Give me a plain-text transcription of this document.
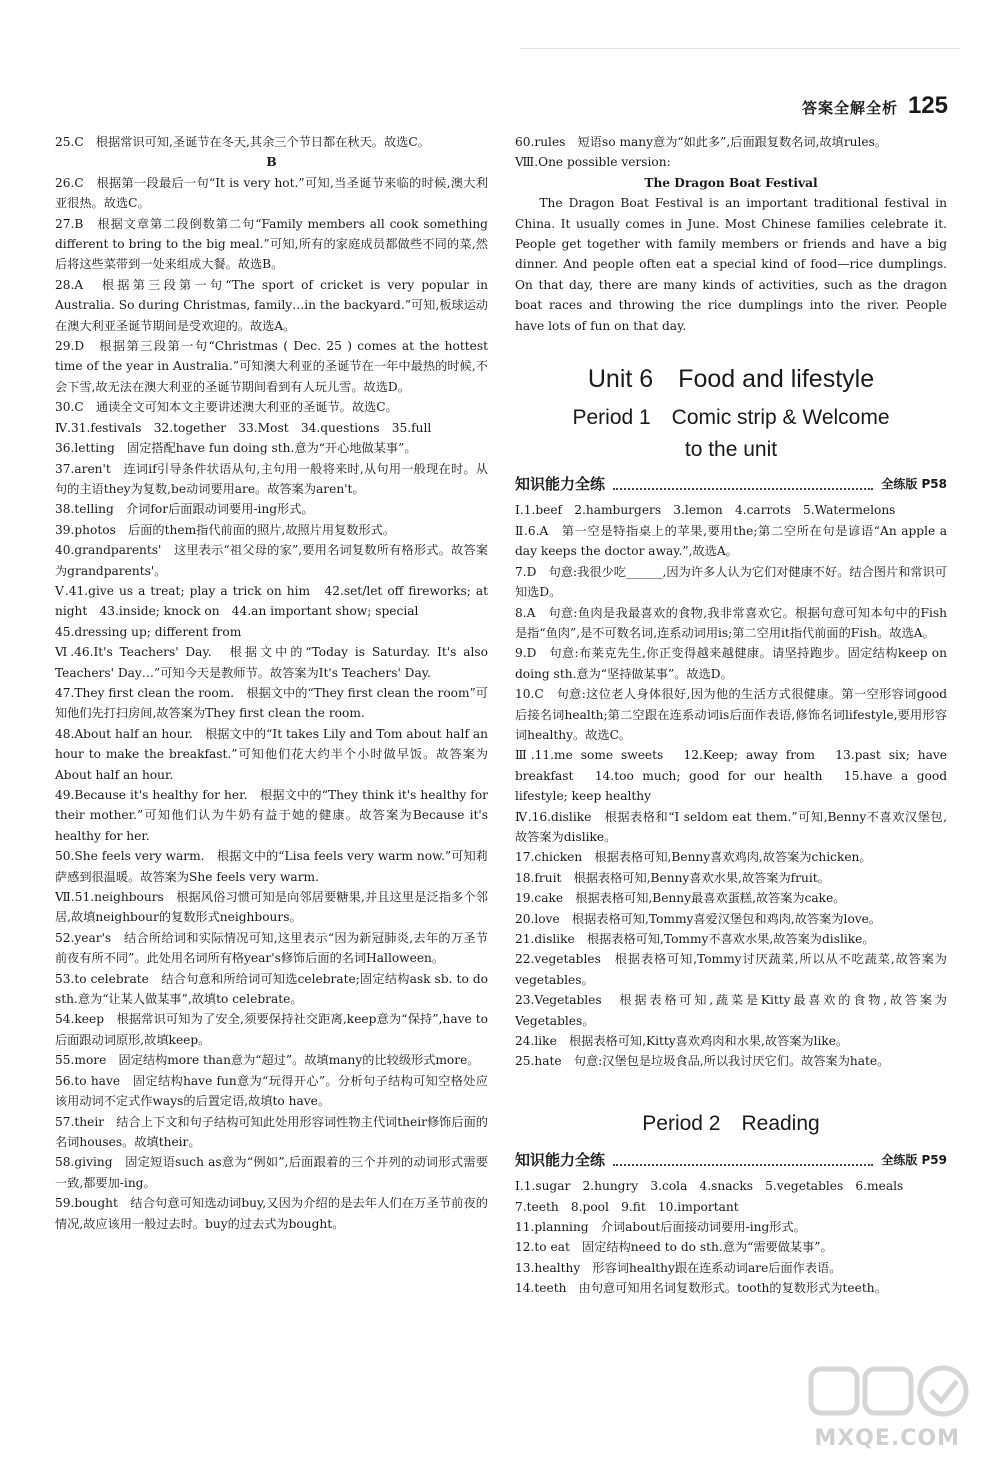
答案全解全析 125
25.C　根据常识可知,圣诞节在冬天,其余三个节日都在秋天。故选C。
B
26.C　根据第一段最后一句“It is very hot.”可知,当圣诞节来临的时候,澳大利亚很热。故选C。
27.B　根据文章第二段倒数第二句“Family members all cook something different to bring to the big meal.”可知,所有的家庭成员都做些不同的菜,然后将这些菜带到一处来组成大餐。故选B。
28.A　根据第三段第一句“The sport of cricket is very popular in Australia. So during Christmas, family…in the backyard.”可知,板球运动在澳大利亚圣诞节期间是受欢迎的。故选A。
29.D　根据第三段第一句“Christmas ( Dec. 25 ) comes at the hottest time of the year in Australia.”可知澳大利亚的圣诞节在一年中最热的时候,不会下雪,故无法在澳大利亚的圣诞节期间看到有人玩儿雪。故选D。
30.C　通读全文可知本文主要讲述澳大利亚的圣诞节。故选C。
Ⅳ.31.festivals　32.together　33.Most　34.questions　35.full
36.letting　固定搭配have fun doing sth.意为“开心地做某事”。
37.aren't　连词if引导条件状语从句,主句用一般将来时,从句用一般现在时。从句的主语they为复数,be动词要用are。故答案为aren't。
38.telling　介词for后面跟动词要用-ing形式。
39.photos　后面的them指代前面的照片,故照片用复数形式。
40.grandparents'　这里表示“祖父母的家”,要用名词复数所有格形式。故答案为grandparents'。
Ⅴ.41.give us a treat; play a trick on him　42.set/let off fireworks; at night　43.inside; knock on　44.an important show; special
45.dressing up; different from
Ⅵ.46.It's Teachers' Day.　根据文中的“Today is Saturday. It's also Teachers' Day…”可知今天是教师节。故答案为It's Teachers' Day.
47.They first clean the room.　根据文中的“They first clean the room”可知他们先打扫房间,故答案为They first clean the room.
48.About half an hour.　根据文中的“It takes Lily and Tom about half an hour to make the breakfast.”可知他们花大约半个小时做早饭。故答案为About half an hour.
49.Because it's healthy for her.　根据文中的“They think it's healthy for their mother.”可知他们认为牛奶有益于她的健康。故答案为Because it's healthy for her.
50.She feels very warm.　根据文中的“Lisa feels very warm now.”可知莉萨感到很温暖。故答案为She feels very warm.
Ⅶ.51.neighbours　根据风俗习惯可知是向邻居要糖果,并且这里是泛指多个邻居,故填neighbour的复数形式neighbours。
52.year's　结合所给词和实际情况可知,这里表示“因为新冠肺炎,去年的万圣节前夜有所不同”。此处用名词所有格year's修饰后面的名词Halloween。
53.to celebrate　结合句意和所给词可知选celebrate;固定结构ask sb. to do sth.意为“让某人做某事”,故填to celebrate。
54.keep　根据常识可知为了安全,须要保持社交距离,keep意为“保持”,have to后面跟动词原形,故填keep。
55.more　固定结构more than意为“超过”。故填many的比较级形式more。
56.to have　固定结构have fun意为“玩得开心”。分析句子结构可知空格处应该用动词不定式作ways的后置定语,故填to have。
57.their　结合上下文和句子结构可知此处用形容词性物主代词their修饰后面的名词houses。故填their。
58.giving　固定短语such as意为“例如”,后面跟着的三个并列的动词形式需要一致,都要加-ing。
59.bought　结合句意可知选动词buy,又因为介绍的是去年人们在万圣节前夜的情况,故应该用一般过去时。buy的过去式为bought。
60.rules　短语so many意为“如此多”,后面跟复数名词,故填rules。
Ⅷ.One possible version:
The Dragon Boat Festival
The Dragon Boat Festival is an important traditional festival in China. It usually comes in June. Most Chinese families celebrate it. People get together with family members or friends and have a big dinner. And people often eat a special kind of food—rice dumplings. On that day, there are many kinds of activities, such as the dragon boat races and throwing the rice dumplings into the river. People have lots of fun on that day.
Unit 6　Food and lifestyle
Period 1　Comic strip & Welcome
to the unit
知识能力全练	全练版 P58
Ⅰ.1.beef　2.hamburgers　3.lemon　4.carrots　5.Watermelons
Ⅱ.6.A　第一空是特指桌上的苹果,要用the;第二空所在句是谚语“An apple a day keeps the doctor away.”,故选A。
7.D　句意:我很少吃______,因为许多人认为它们对健康不好。结合图片和常识可知选D。
8.A　句意:鱼肉是我最喜欢的食物,我非常喜欢它。根据句意可知本句中的Fish是指“鱼肉”,是不可数名词,连系动词用is;第二空用it指代前面的Fish。故选A。
9.D　句意:布莱克先生,你正变得越来越健康。请坚持跑步。固定结构keep on doing sth.意为“坚持做某事”。故选D。
10.C　句意:这位老人身体很好,因为他的生活方式很健康。第一空形容词good后接名词health;第二空跟在连系动词is后面作表语,修饰名词lifestyle,要用形容词healthy。故选C。
Ⅲ.11.me some sweets　12.Keep; away from　13.past six; have breakfast　14.too much; good for our health　15.have a good lifestyle; keep healthy
Ⅳ.16.dislike　根据表格和“I seldom eat them.”可知,Benny不喜欢汉堡包,故答案为dislike。
17.chicken　根据表格可知,Benny喜欢鸡肉,故答案为chicken。
18.fruit　根据表格可知,Benny喜欢水果,故答案为fruit。
19.cake　根据表格可知,Benny最喜欢蛋糕,故答案为cake。
20.love　根据表格可知,Tommy喜爱汉堡包和鸡肉,故答案为love。
21.dislike　根据表格可知,Tommy不喜欢水果,故答案为dislike。
22.vegetables　根据表格可知,Tommy讨厌蔬菜,所以从不吃蔬菜,故答案为vegetables。
23.Vegetables　根据表格可知,蔬菜是Kitty最喜欢的食物,故答案为Vegetables。
24.like　根据表格可知,Kitty喜欢鸡肉和水果,故答案为like。
25.hate　句意:汉堡包是垃圾食品,所以我讨厌它们。故答案为hate。
Period 2　Reading
知识能力全练	全练版 P59
Ⅰ.1.sugar　2.hungry　3.cola　4.snacks　5.vegetables　6.meals
7.teeth　8.pool　9.fit　10.important
11.planning　介词about后面接动词要用-ing形式。
12.to eat　固定结构need to do sth.意为“需要做某事”。
13.healthy　形容词healthy跟在连系动词are后面作表语。
14.teeth　由句意可知用名词复数形式。tooth的复数形式为teeth。
MXQE.COM
